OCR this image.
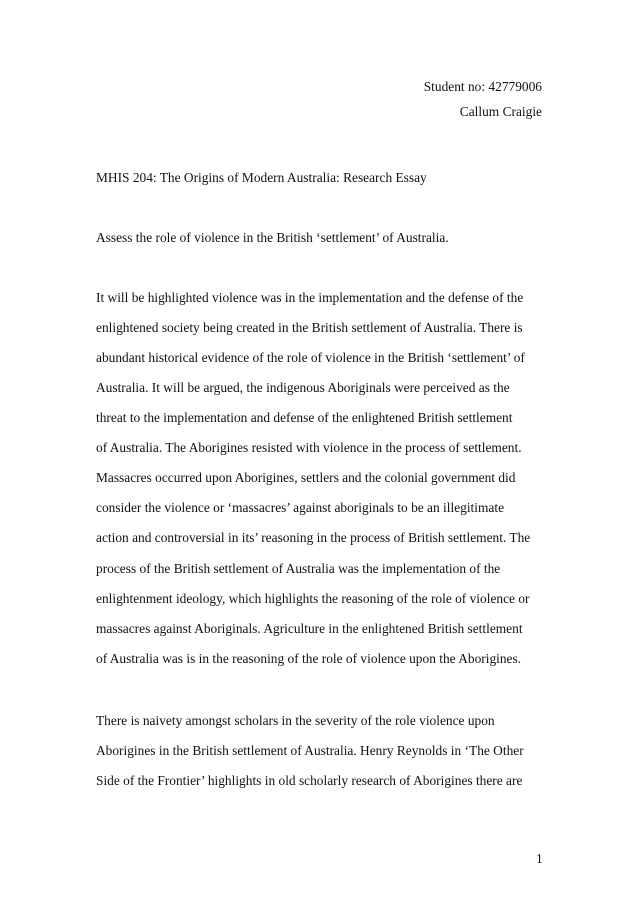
Student no: 42779006
Callum Craigie
MHIS 204: The Origins of Modern Australia: Research Essay
Assess the role of violence in the British ‘settlement’ of Australia.
It will be highlighted violence was in the implementation and the defense of the
enlightened society being created in the British settlement of Australia. There is
abundant historical evidence of the role of violence in the British ‘settlement’ of
Australia. It will be argued, the indigenous Aboriginals were perceived as the
threat to the implementation and defense of the enlightened British settlement
of Australia. The Aborigines resisted with violence in the process of settlement.
Massacres occurred upon Aborigines, settlers and the colonial government did
consider the violence or ‘massacres’ against aboriginals to be an illegitimate
action and controversial in its’ reasoning in the process of British settlement. The
process of the British settlement of Australia was the implementation of the
enlightenment ideology, which highlights the reasoning of the role of violence or
massacres against Aboriginals. Agriculture in the enlightened British settlement
of Australia was is in the reasoning of the role of violence upon the Aborigines.
There is naivety amongst scholars in the severity of the role violence upon
Aborigines in the British settlement of Australia. Henry Reynolds in ‘The Other
Side of the Frontier’ highlights in old scholarly research of Aborigines there are
1
